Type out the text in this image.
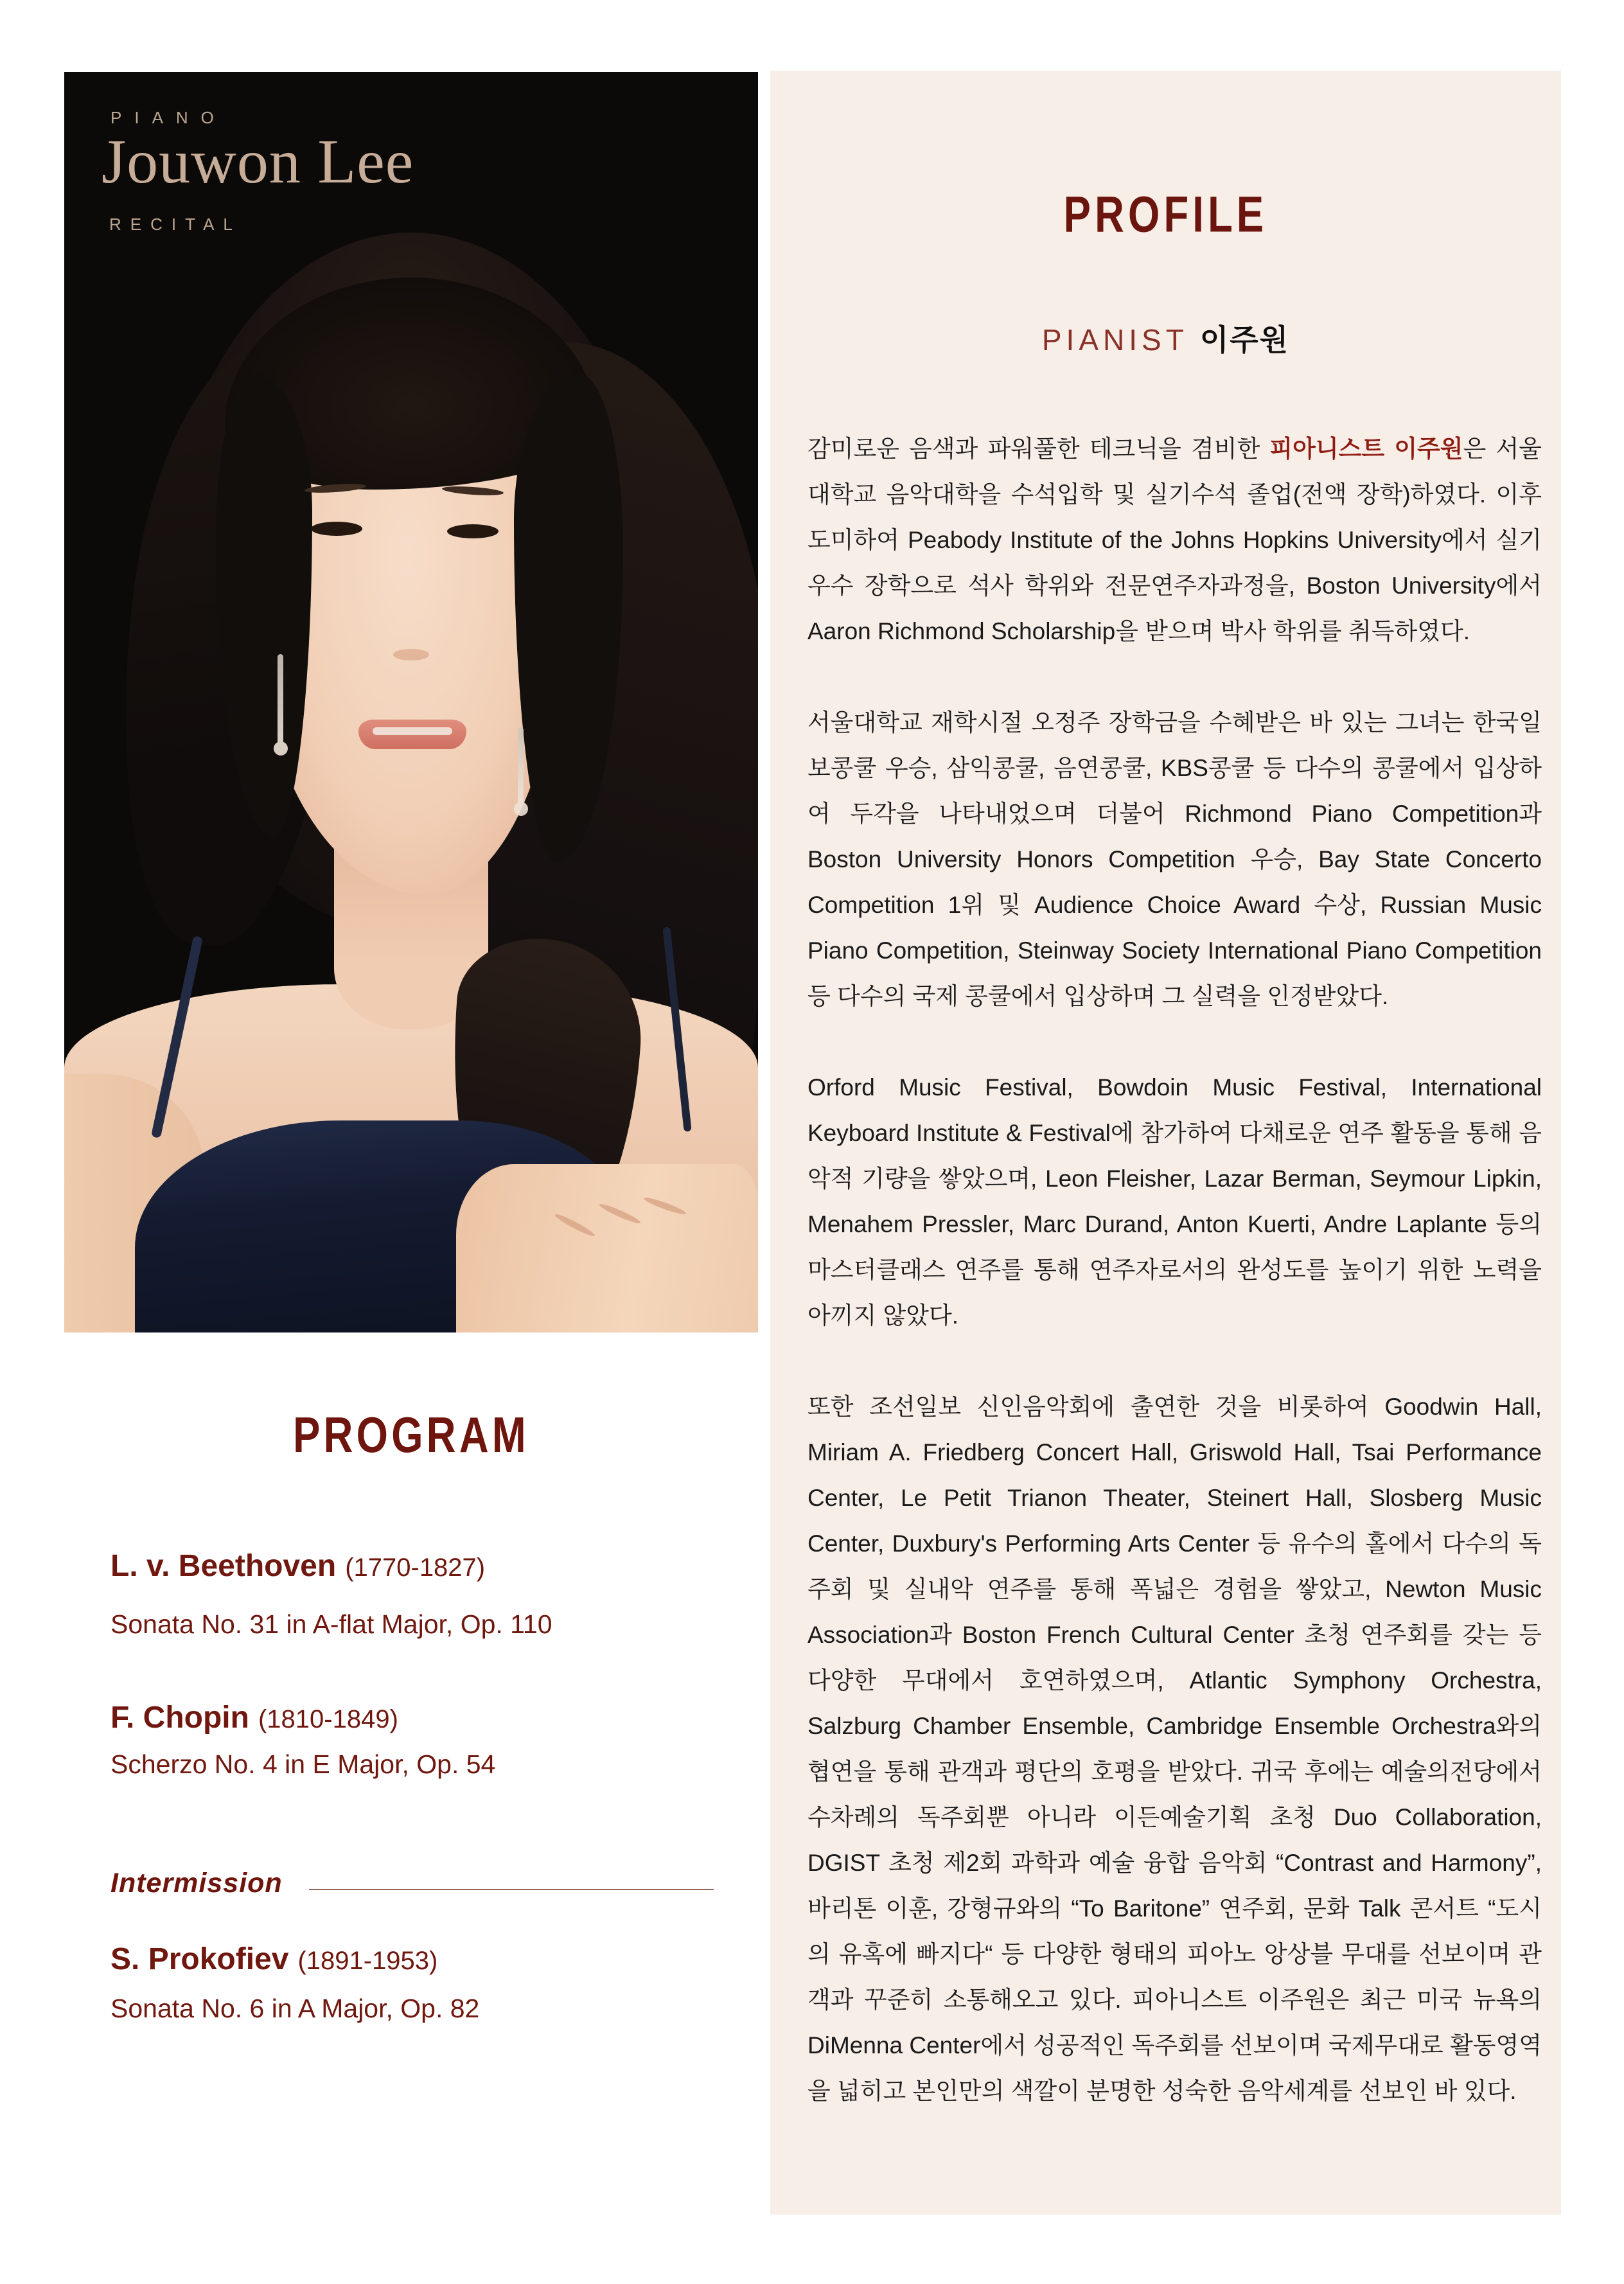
PIANO
Jouwon Lee
RECITAL
PROGRAM
L. v. Beethoven (1770-1827)
Sonata No. 31 in A-flat Major, Op. 110
F. Chopin (1810-1849)
Scherzo No. 4 in E Major, Op. 54
Intermission
S. Prokofiev (1891-1953)
Sonata No. 6 in A Major, Op. 82
PROFILE
PIANIST 이주원

감미로운 음색과 파워풀한 테크닉을 겸비한 피아니스트 이주원은 서울대학교 음악대학을 수석입학 및 실기수석 졸업(전액 장학)하였다. 이후 도미하여 Peabody Institute of the Johns Hopkins University에서 실기 우수 장학으로 석사 학위와 전문연주자과정을, Boston University에서 Aaron Richmond Scholarship을 받으며 박사 학위를 취득하였다.

서울대학교 재학시절 오정주 장학금을 수혜받은 바 있는 그녀는 한국일보콩쿨 우승, 삼익콩쿨, 음연콩쿨, KBS콩쿨 등 다수의 콩쿨에서 입상하여 두각을 나타내었으며 더불어 Richmond Piano Competition과 Boston University Honors Competition 우승, Bay State Concerto Competition 1위 및 Audience Choice Award 수상, Russian Music Piano Competition, Steinway Society International Piano Competition 등 다수의 국제 콩쿨에서 입상하며 그 실력을 인정받았다.

Orford Music Festival, Bowdoin Music Festival, International Keyboard Institute & Festival에 참가하여 다채로운 연주 활동을 통해 음악적 기량을 쌓았으며, Leon Fleisher, Lazar Berman, Seymour Lipkin, Menahem Pressler, Marc Durand, Anton Kuerti, Andre Laplante 등의 마스터클래스 연주를 통해 연주자로서의 완성도를 높이기 위한 노력을 아끼지 않았다.

또한 조선일보 신인음악회에 출연한 것을 비롯하여 Goodwin Hall, Miriam A. Friedberg Concert Hall, Griswold Hall, Tsai Performance Center, Le Petit Trianon Theater, Steinert Hall, Slosberg Music Center, Duxbury's Performing Arts Center 등 유수의 홀에서 다수의 독주회 및 실내악 연주를 통해 폭넓은 경험을 쌓았고, Newton Music Association과 Boston French Cultural Center 초청 연주회를 갖는 등 다양한 무대에서 호연하였으며, Atlantic Symphony Orchestra, Salzburg Chamber Ensemble, Cambridge Ensemble Orchestra와의 협연을 통해 관객과 평단의 호평을 받았다. 귀국 후에는 예술의전당에서 수차례의 독주회뿐 아니라 이든예술기획 초청 Duo Collaboration, DGIST 초청 제2회 과학과 예술 융합 음악회 “Contrast and Harmony”, 바리톤 이훈, 강형규와의 “To Baritone” 연주회, 문화 Talk 콘서트 “도시의 유혹에 빠지다“ 등 다양한 형태의 피아노 앙상블 무대를 선보이며 관객과 꾸준히 소통해오고 있다. 피아니스트 이주원은 최근 미국 뉴욕의 DiMenna Center에서 성공적인 독주회를 선보이며 국제무대로 활동영역을 넓히고 본인만의 색깔이 분명한 성숙한 음악세계를 선보인 바 있다.
